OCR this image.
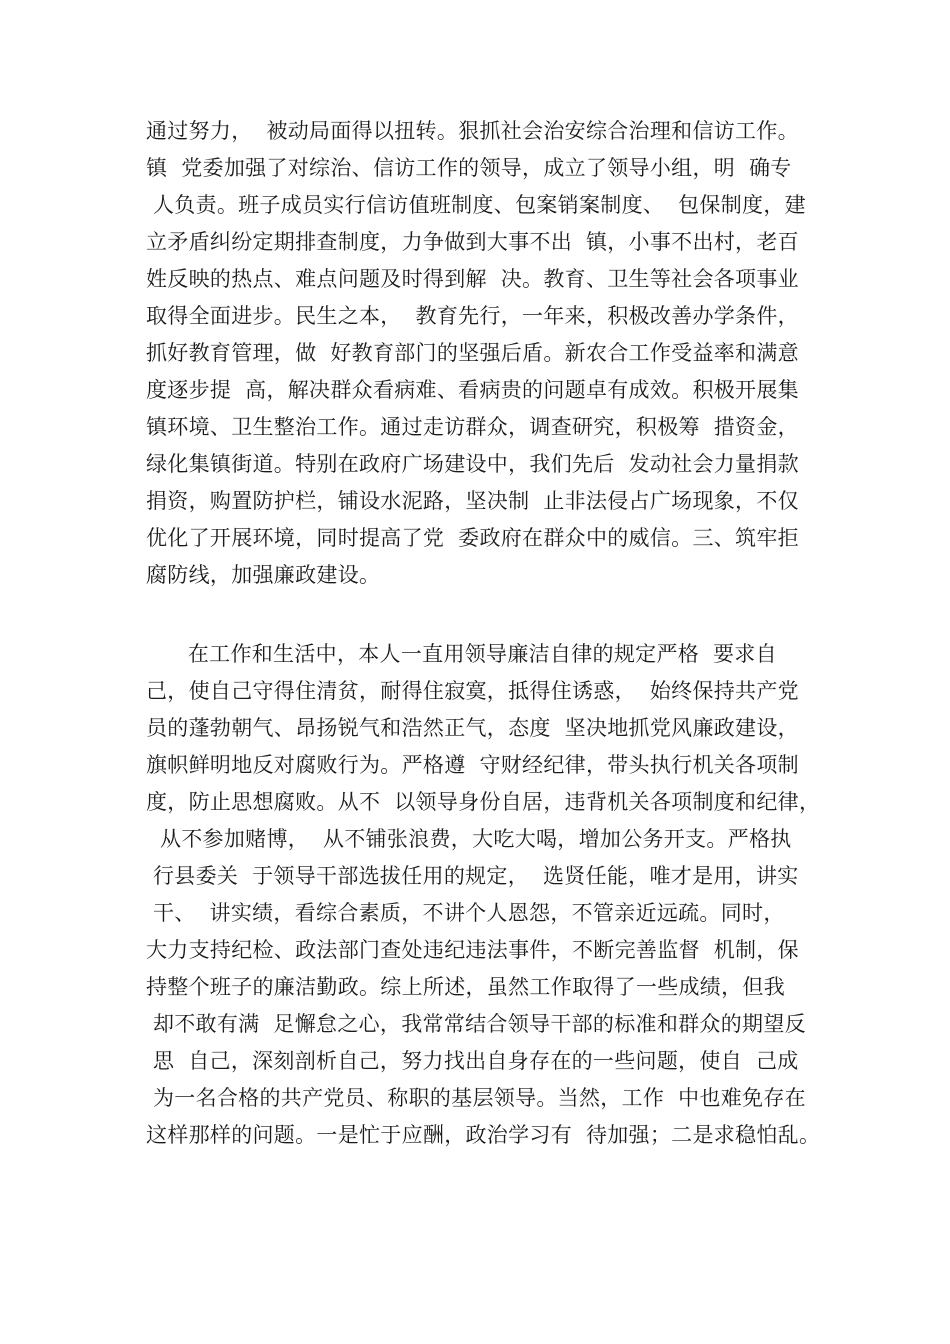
通过努力，  被动局面得以扭转。狠抓社会治安综合治理和信访工作。
镇  党委加强了对综治、信访工作的领导，成立了领导小组，明  确专
人负责。班子成员实行信访值班制度、包案销案制度、  包保制度，建
立矛盾纠纷定期排查制度，力争做到大事不出  镇，小事不出村，老百
姓反映的热点、难点问题及时得到解  决。教育、卫生等社会各项事业
取得全面进步。民生之本，  教育先行，一年来，积极改善办学条件，
抓好教育管理，做  好教育部门的坚强后盾。新农合工作受益率和满意
度逐步提  高，解决群众看病难、看病贵的问题卓有成效。积极开展集
镇环境、卫生整治工作。通过走访群众，调查研究，积极筹  措资金，
绿化集镇街道。特别在政府广场建设中，我们先后  发动社会力量捐款
捐资，购置防护栏，铺设水泥路，坚决制  止非法侵占广场现象，不仅
优化了开展环境，同时提高了党  委政府在群众中的威信。三、筑牢拒
腐防线，加强廉政建设。
在工作和生活中，本人一直用领导廉洁自律的规定严格  要求自
己，使自己守得住清贫，耐得住寂寞，抵得住诱惑，  始终保持共产党
员的蓬勃朝气、昂扬锐气和浩然正气，态度  坚决地抓党风廉政建设，
旗帜鲜明地反对腐败行为。严格遵  守财经纪律，带头执行机关各项制
度，防止思想腐败。从不  以领导身份自居，违背机关各项制度和纪律，
从不参加赌博，  从不铺张浪费，大吃大喝，增加公务开支。严格执
行县委关  于领导干部选拔任用的规定，  选贤任能，唯才是用，讲实
干、  讲实绩，看综合素质，不讲个人恩怨，不管亲近远疏。同时，
大力支持纪检、政法部门查处违纪违法事件，不断完善监督  机制，保
持整个班子的廉洁勤政。综上所述，虽然工作取得了一些成绩，但我
却不敢有满  足懈怠之心，我常常结合领导干部的标准和群众的期望反
思  自己，深刻剖析自己，努力找出自身存在的一些问题，使自  己成
为一名合格的共产党员、称职的基层领导。当然，工作  中也难免存在
这样那样的问题。一是忙于应酬，政治学习有  待加强；二是求稳怕乱。
